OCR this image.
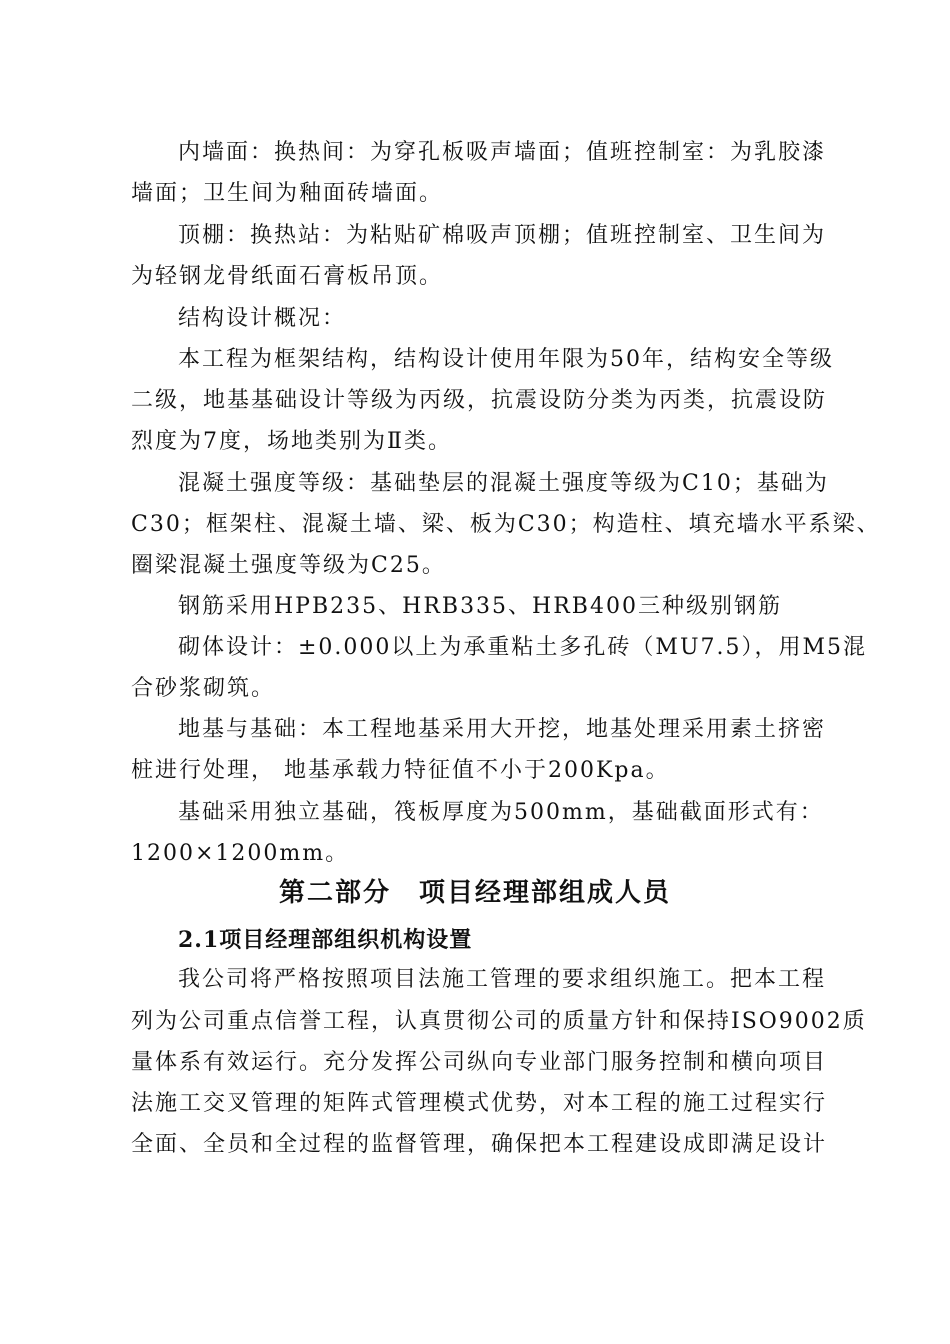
内墙面：换热间：为穿孔板吸声墙面；值班控制室：为乳胶漆
墙面；卫生间为釉面砖墙面。
顶棚：换热站：为粘贴矿棉吸声顶棚；值班控制室、卫生间为
为轻钢龙骨纸面石膏板吊顶。
结构设计概况：
本工程为框架结构，结构设计使用年限为50年，结构安全等级
二级，地基基础设计等级为丙级，抗震设防分类为丙类，抗震设防
烈度为7度，场地类别为Ⅱ类。
混凝土强度等级：基础垫层的混凝土强度等级为C10；基础为
C30；框架柱、混凝土墙、梁、板为C30；构造柱、填充墙水平系梁、
圈梁混凝土强度等级为C25。
钢筋采用HPB235、HRB335、HRB400三种级别钢筋
砌体设计：±0.000以上为承重粘土多孔砖（MU7.5），用M5混
合砂浆砌筑。
地基与基础：本工程地基采用大开挖，地基处理采用素土挤密
桩进行处理， 地基承载力特征值不小于200Kpa。
基础采用独立基础，筏板厚度为500mm，基础截面形式有：
1200×1200mm。
第二部分　项目经理部组成人员
2.1项目经理部组织机构设置
我公司将严格按照项目法施工管理的要求组织施工。把本工程
列为公司重点信誉工程，认真贯彻公司的质量方针和保持ISO9002质
量体系有效运行。充分发挥公司纵向专业部门服务控制和横向项目
法施工交叉管理的矩阵式管理模式优势，对本工程的施工过程实行
全面、全员和全过程的监督管理，确保把本工程建设成即满足设计
